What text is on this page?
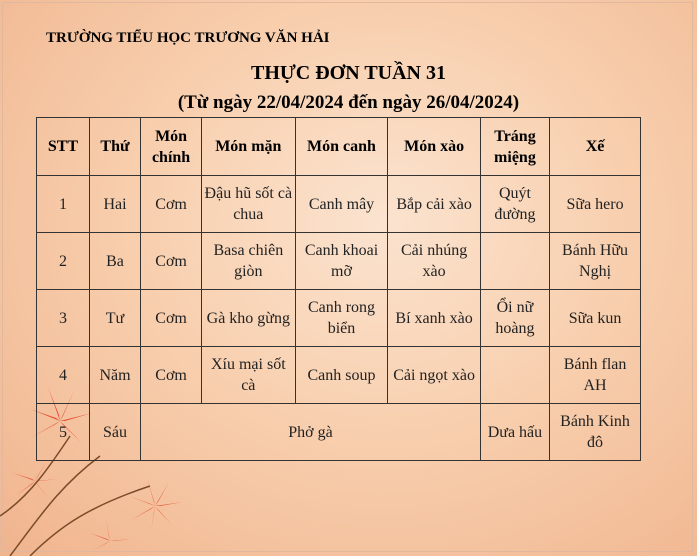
TRƯỜNG TIỂU HỌC TRƯƠNG VĂN HẢI
THỰC ĐƠN TUẦN 31
(Từ ngày 22/04/2024 đến ngày 26/04/2024)
STT	Thứ	Món chính	Món mặn	Món canh	Món xào	Tráng miệng	Xế
1	Hai	Cơm	Đậu hũ sốt cà chua	Canh mây	Bắp cải xào	Quýt đường	Sữa hero
2	Ba	Cơm	Basa chiên giòn	Canh khoai mỡ	Cải nhúng xào		Bánh Hữu Nghị
3	Tư	Cơm	Gà kho gừng	Canh rong biển	Bí xanh xào	Ổi nữ hoàng	Sữa kun
4	Năm	Cơm	Xíu mại sốt cà	Canh soup	Cải ngọt xào		Bánh flan AH
5	Sáu	Phở gà				Dưa hấu	Bánh Kinh đô
